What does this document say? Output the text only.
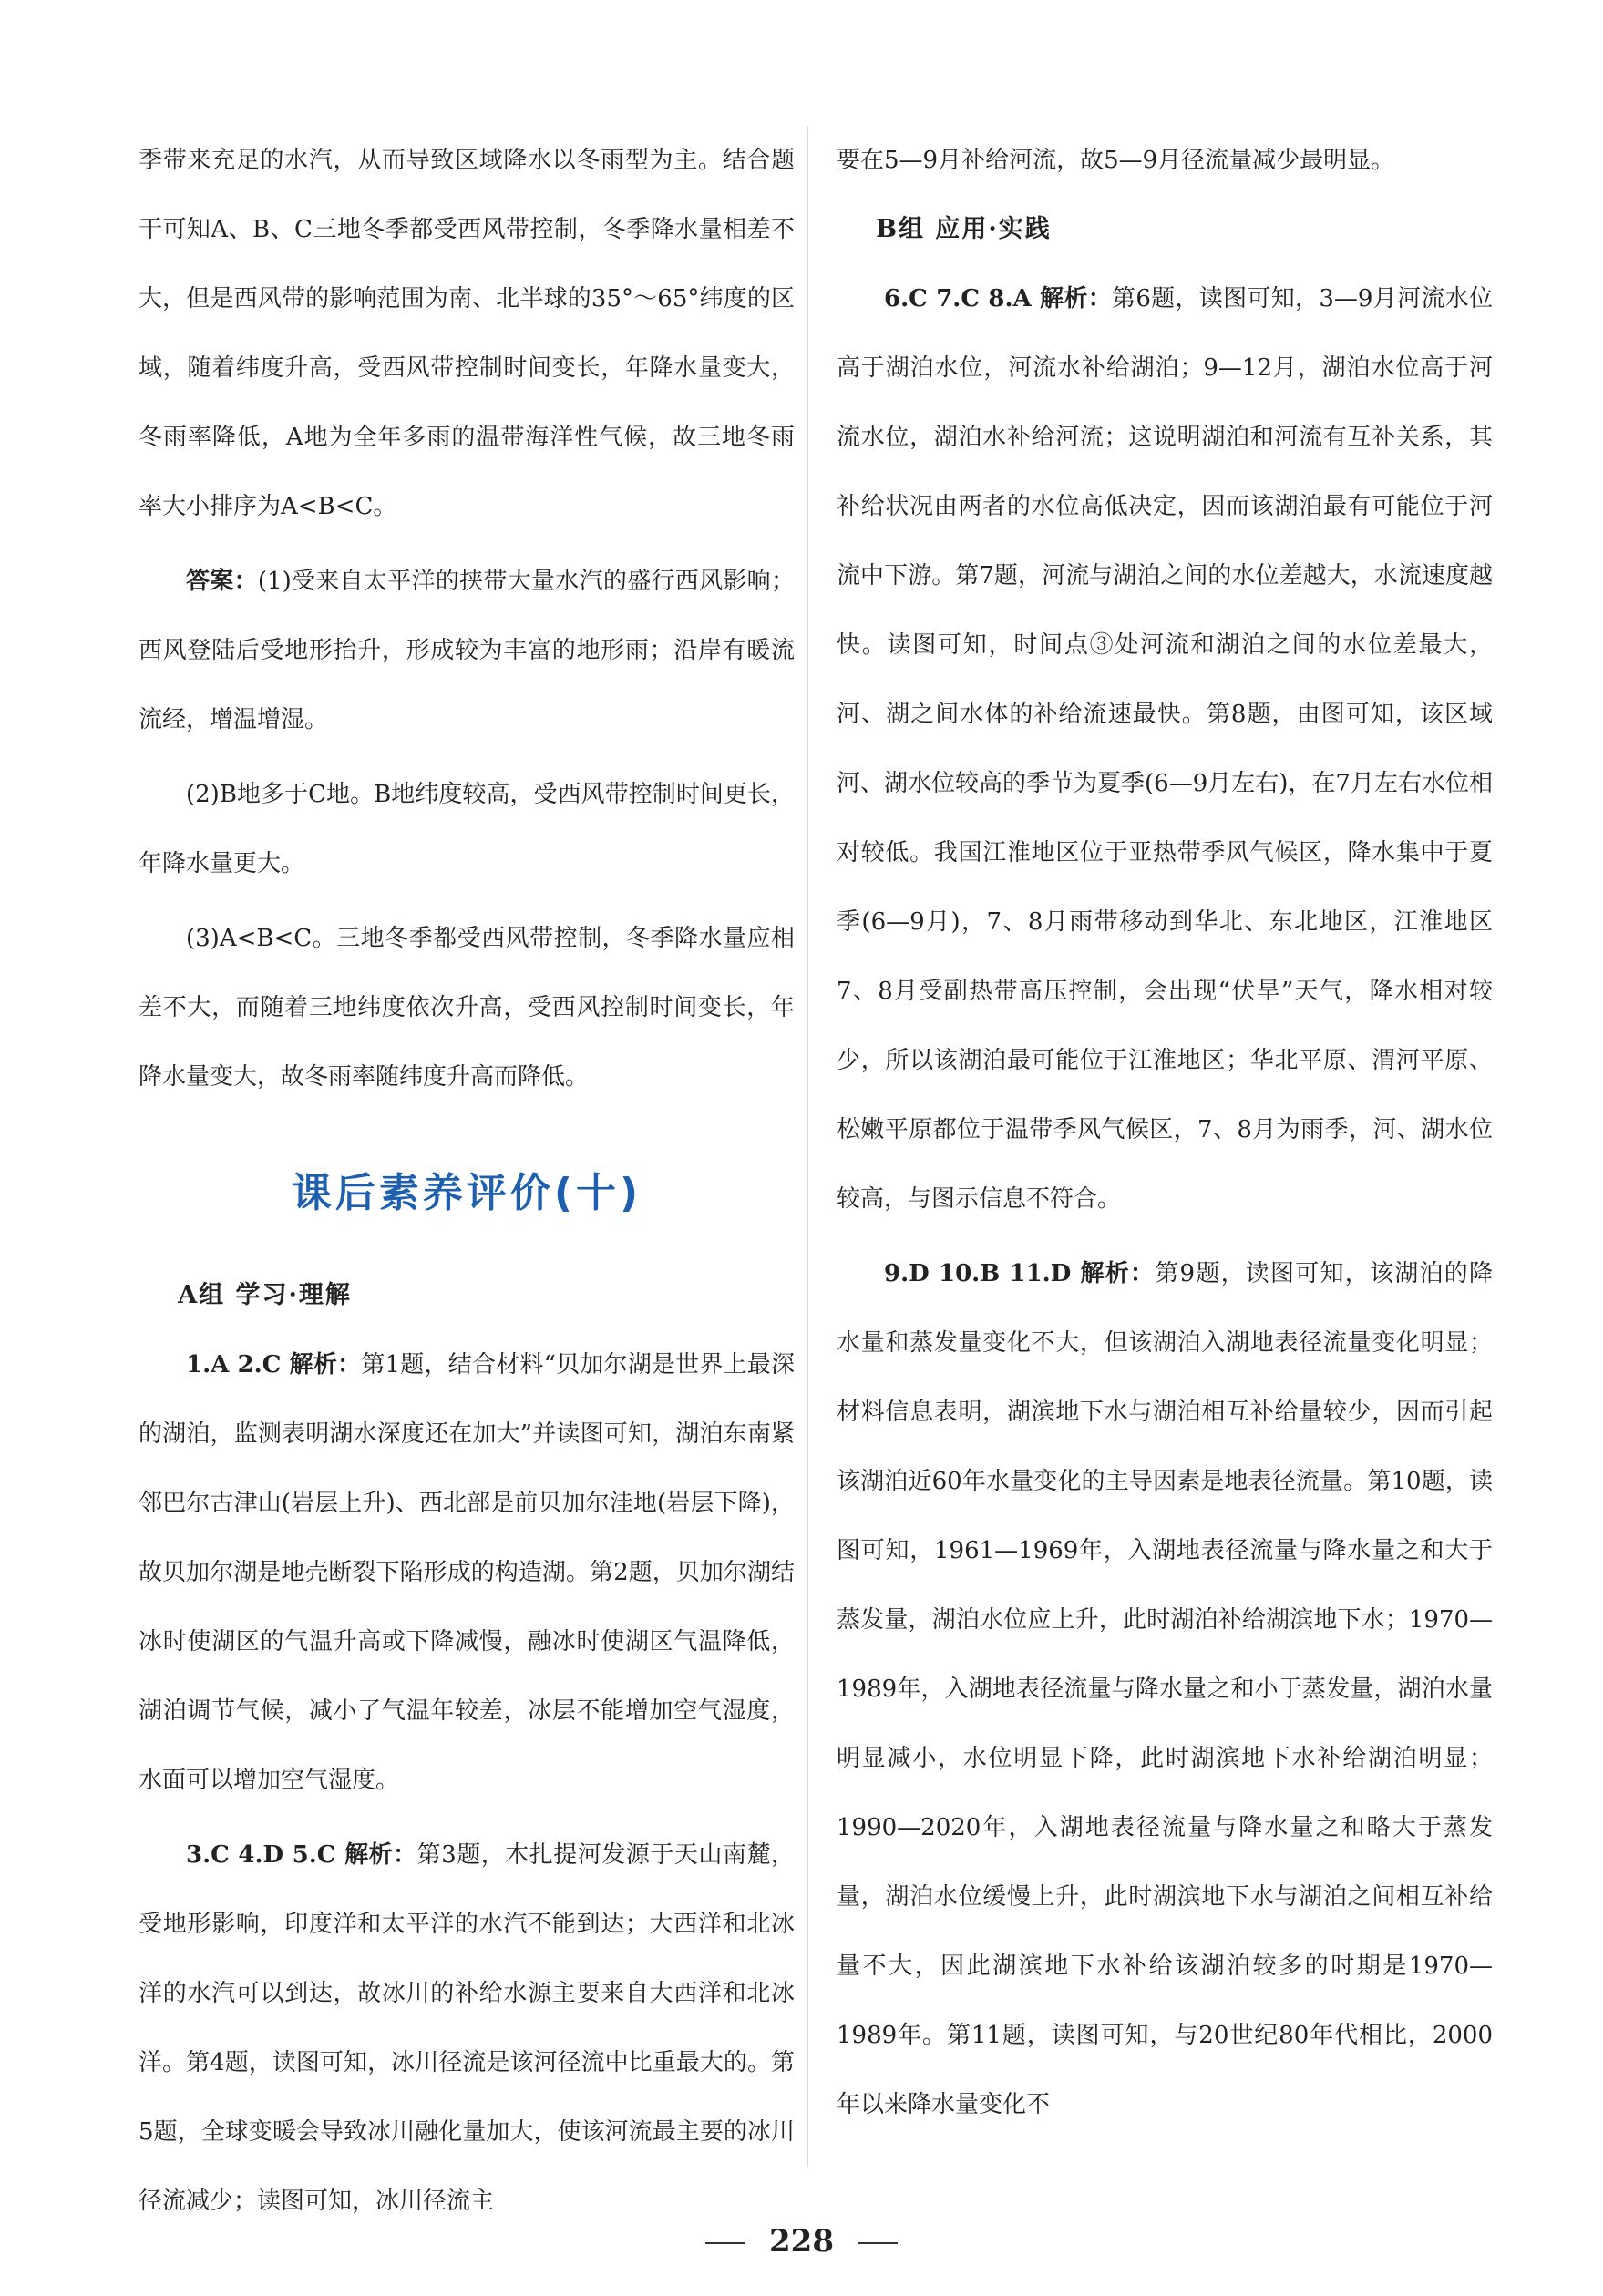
季带来充足的水汽，从而导致区域降水以冬雨型为主。结合题干可知A、B、C三地冬季都受西风带控制，冬季降水量相差不大，但是西风带的影响范围为南、北半球的35°～65°纬度的区域，随着纬度升高，受西风带控制时间变长，年降水量变大，冬雨率降低，A地为全年多雨的温带海洋性气候，故三地冬雨率大小排序为A<B<C。

答案：(1)受来自太平洋的挟带大量水汽的盛行西风影响；西风登陆后受地形抬升，形成较为丰富的地形雨；沿岸有暖流流经，增温增湿。

(2)B地多于C地。B地纬度较高，受西风带控制时间更长，年降水量更大。

(3)A<B<C。三地冬季都受西风带控制，冬季降水量应相差不大，而随着三地纬度依次升高，受西风控制时间变长，年降水量变大，故冬雨率随纬度升高而降低。

课后素养评价(十)
A组 学习·理解

1.A 2.C 解析：第1题，结合材料“贝加尔湖是世界上最深的湖泊，监测表明湖水深度还在加大”并读图可知，湖泊东南紧邻巴尔古津山(岩层上升)、西北部是前贝加尔洼地(岩层下降)，故贝加尔湖是地壳断裂下陷形成的构造湖。第2题，贝加尔湖结冰时使湖区的气温升高或下降减慢，融冰时使湖区气温降低，湖泊调节气候，减小了气温年较差，冰层不能增加空气湿度，水面可以增加空气湿度。

3.C 4.D 5.C 解析：第3题，木扎提河发源于天山南麓，受地形影响，印度洋和太平洋的水汽不能到达；大西洋和北冰洋的水汽可以到达，故冰川的补给水源主要来自大西洋和北冰洋。第4题，读图可知，冰川径流是该河径流中比重最大的。第5题，全球变暖会导致冰川融化量加大，使该河流最主要的冰川径流减少；读图可知，冰川径流主

要在5—9月补给河流，故5—9月径流量减少最明显。

B组 应用·实践

6.C 7.C 8.A 解析：第6题，读图可知，3—9月河流水位高于湖泊水位，河流水补给湖泊；9—12月，湖泊水位高于河流水位，湖泊水补给河流；这说明湖泊和河流有互补关系，其补给状况由两者的水位高低决定，因而该湖泊最有可能位于河流中下游。第7题，河流与湖泊之间的水位差越大，水流速度越快。读图可知，时间点③处河流和湖泊之间的水位差最大，河、湖之间水体的补给流速最快。第8题，由图可知，该区域河、湖水位较高的季节为夏季(6—9月左右)，在7月左右水位相对较低。我国江淮地区位于亚热带季风气候区，降水集中于夏季(6—9月)，7、8月雨带移动到华北、东北地区，江淮地区7、8月受副热带高压控制，会出现“伏旱”天气，降水相对较少，所以该湖泊最可能位于江淮地区；华北平原、渭河平原、松嫩平原都位于温带季风气候区，7、8月为雨季，河、湖水位较高，与图示信息不符合。

9.D 10.B 11.D 解析：第9题，读图可知，该湖泊的降水量和蒸发量变化不大，但该湖泊入湖地表径流量变化明显；材料信息表明，湖滨地下水与湖泊相互补给量较少，因而引起该湖泊近60年水量变化的主导因素是地表径流量。第10题，读图可知，1961—1969年，入湖地表径流量与降水量之和大于蒸发量，湖泊水位应上升，此时湖泊补给湖滨地下水；1970—1989年，入湖地表径流量与降水量之和小于蒸发量，湖泊水量明显减小，水位明显下降，此时湖滨地下水补给湖泊明显；1990—2020年，入湖地表径流量与降水量之和略大于蒸发量，湖泊水位缓慢上升，此时湖滨地下水与湖泊之间相互补给量不大，因此湖滨地下水补给该湖泊较多的时期是1970—1989年。第11题，读图可知，与20世纪80年代相比，2000年以来降水量变化不

228
